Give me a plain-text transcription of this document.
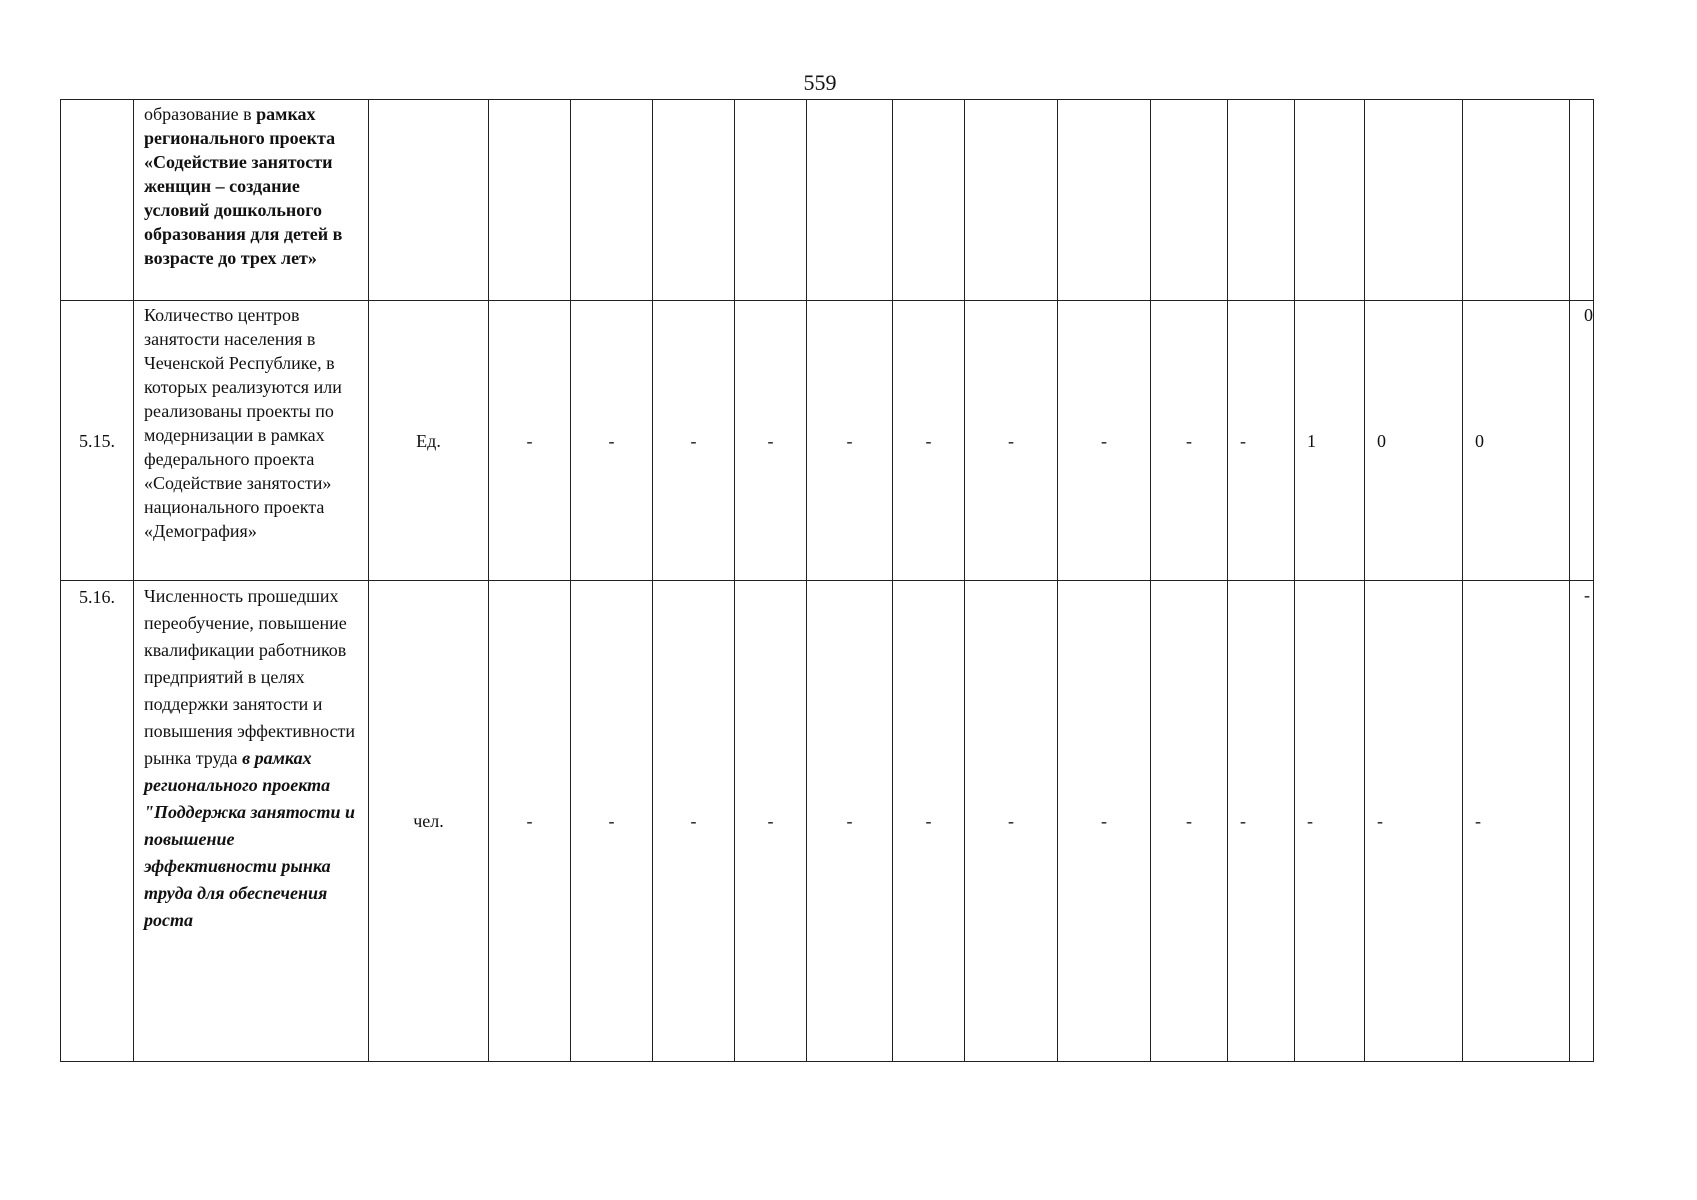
559
	образование в рамках регионального проекта «Содействие занятости женщин – создание условий дошкольного образования для детей в возрасте до трех лет»															
5.15.	Количество центров занятости населения в Чеченской Республике, в которых реализуются или реализованы проекты по модернизации в рамках федерального проекта «Содействие занятости» национального проекта «Демография»	Ед.	-	-	-	-	-	-	-	-	-	-	1	0	0	0

5.16.	Численность прошедших переобучение, повышение квалификации работников предприятий в целях поддержки занятости и повышения эффективности рынка труда в рамках регионального проекта "Поддержка занятости и повышение эффективности рынка труда для обеспечения роста	чел.	-	-	-	-	-	-	-	-	-	-	-	-	-	-
